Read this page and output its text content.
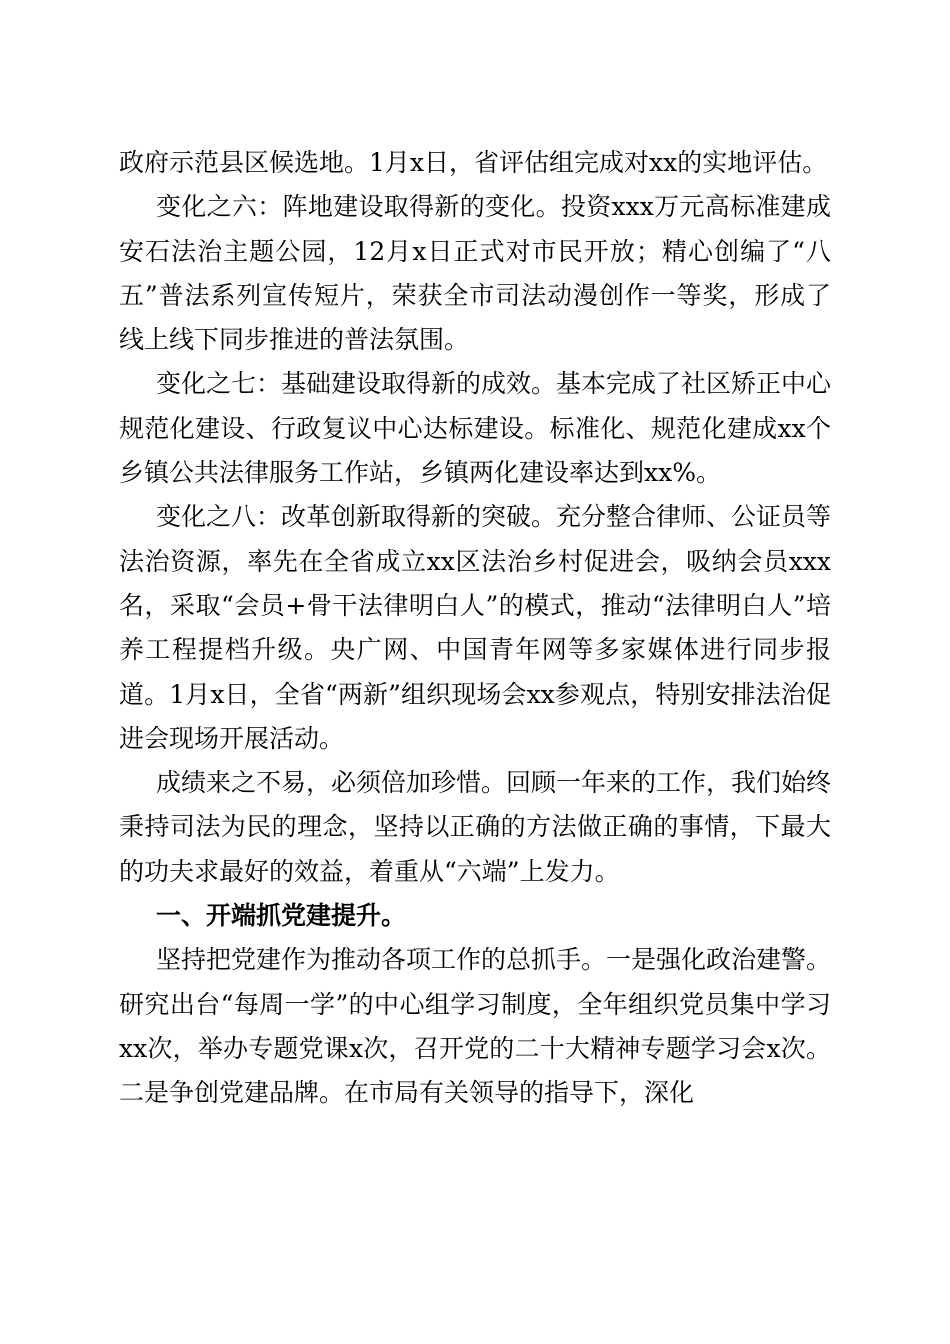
政府示范县区候选地。1月x日，省评估组完成对xx的实地评估。

变化之六：阵地建设取得新的变化。投资xxx万元高标准建成安石法治主题公园，12月x日正式对市民开放；精心创编了“八五”普法系列宣传短片，荣获全市司法动漫创作一等奖，形成了线上线下同步推进的普法氛围。

变化之七：基础建设取得新的成效。基本完成了社区矫正中心规范化建设、行政复议中心达标建设。标准化、规范化建成xx个乡镇公共法律服务工作站，乡镇两化建设率达到xx%。

变化之八：改革创新取得新的突破。充分整合律师、公证员等法治资源，率先在全省成立xx区法治乡村促进会，吸纳会员xxx名，采取“会员+骨干法律明白人”的模式，推动“法律明白人”培养工程提档升级。央广网、中国青年网等多家媒体进行同步报道。1月x日，全省“两新”组织现场会xx参观点，特别安排法治促进会现场开展活动。

成绩来之不易，必须倍加珍惜。回顾一年来的工作，我们始终秉持司法为民的理念，坚持以正确的方法做正确的事情，下最大的功夫求最好的效益，着重从“六端”上发力。

一、开端抓党建提升。

坚持把党建作为推动各项工作的总抓手。一是强化政治建警。研究出台“每周一学”的中心组学习制度，全年组织党员集中学习xx次，举办专题党课x次，召开党的二十大精神专题学习会x次。二是争创党建品牌。在市局有关领导的指导下，深化
